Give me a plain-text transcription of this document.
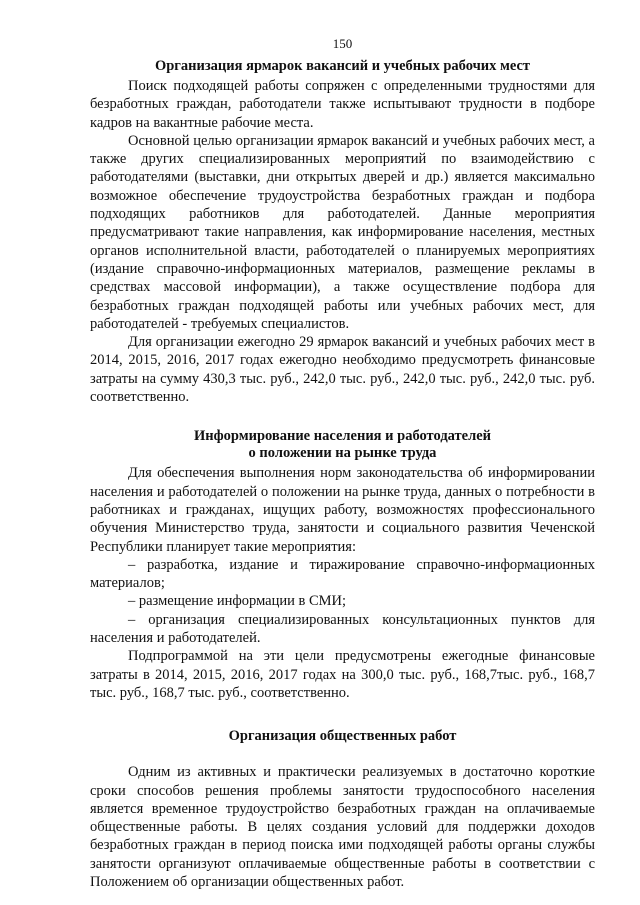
150
Организация ярмарок вакансий и учебных рабочих мест

Поиск подходящей работы сопряжен с определенными трудностями для безработных граждан, работодатели также испытывают трудности в подборе кадров на вакантные рабочие места.

Основной целью организации ярмарок вакансий и учебных рабочих мест, а также других специализированных мероприятий по взаимодействию с работодателями (выставки, дни открытых дверей и др.) является максимально возможное обеспечение трудоустройства безработных граждан и подбора подходящих работников для работодателей. Данные мероприятия предусматривают такие направления, как информирование населения, местных органов исполнительной власти, работодателей о планируемых мероприятиях (издание справочно-информационных материалов, размещение рекламы в средствах массовой информации), а также осуществление подбора для безработных граждан подходящей работы или учебных рабочих мест, для работодателей - требуемых специалистов.

Для организации ежегодно 29 ярмарок вакансий и учебных рабочих мест в 2014, 2015, 2016, 2017 годах ежегодно необходимо предусмотреть финансовые затраты на сумму 430,3 тыс. руб., 242,0 тыс. руб., 242,0 тыс. руб., 242,0 тыс. руб. соответственно.

Информирование населения и работодателей
о положении на рынке труда

Для обеспечения выполнения норм законодательства об информировании населения и работодателей о положении на рынке труда, данных о потребности в работниках и гражданах, ищущих работу, возможностях профессионального обучения Министерство труда, занятости и социального развития Чеченской Республики планирует такие мероприятия:

– разработка, издание и тиражирование справочно-информационных материалов;
– размещение информации в СМИ;
– организация специализированных консультационных пунктов для населения и работодателей.

Подпрограммой на эти цели предусмотрены ежегодные финансовые затраты в 2014, 2015, 2016, 2017 годах на 300,0 тыс. руб., 168,7тыс. руб., 168,7 тыс. руб., 168,7 тыс. руб., соответственно.

Организация общественных работ

Одним из активных и практически реализуемых в достаточно короткие сроки способов решения проблемы занятости трудоспособного населения является временное трудоустройство безработных граждан на оплачиваемые общественные работы. В целях создания условий для поддержки доходов безработных граждан в период поиска ими подходящей работы органы службы занятости организуют оплачиваемые общественные работы в соответствии с Положением об организации общественных работ.
